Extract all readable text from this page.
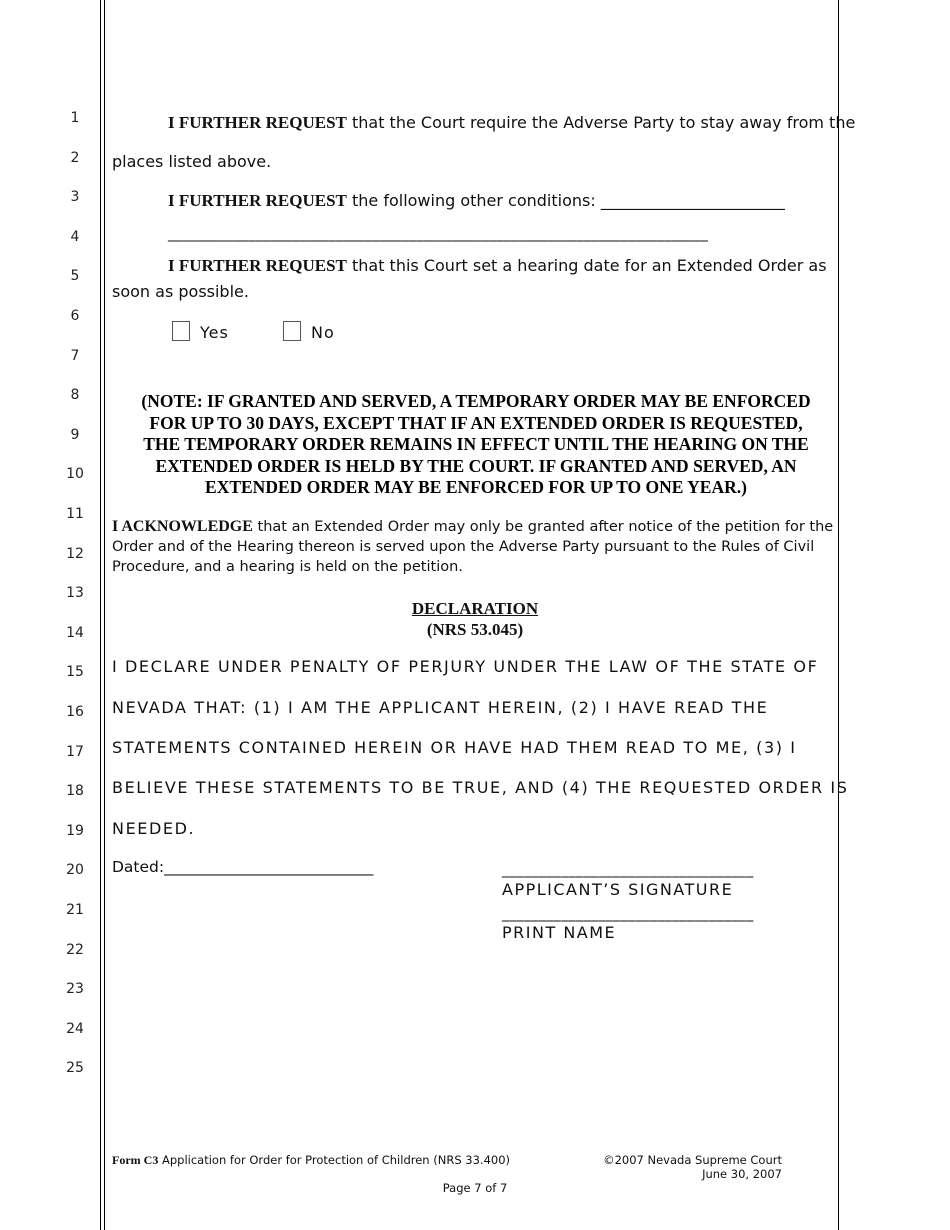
1
2
3
4
5
6
7
8
9
10
11
12
13
14
15
16
17
18
19
20
21
22
23
24
25
I FURTHER REQUEST that the Court require the Adverse Party to stay away from the
places listed above.
I FURTHER REQUEST the following other conditions: _______________________
__________________________________________________________________________
I FURTHER REQUEST that this Court set a hearing date for an Extended Order as
soon as possible.
Yes	No
(NOTE: IF GRANTED AND SERVED, A TEMPORARY ORDER MAY BE ENFORCED
FOR UP TO 30 DAYS, EXCEPT THAT IF AN EXTENDED ORDER IS REQUESTED,
THE TEMPORARY ORDER REMAINS IN EFFECT UNTIL THE HEARING ON THE
EXTENDED ORDER IS HELD BY THE COURT. IF GRANTED AND SERVED, AN
EXTENDED ORDER MAY BE ENFORCED FOR UP TO ONE YEAR.)
I ACKNOWLEDGE that an Extended Order may only be granted after notice of the petition for the
Order and of the Hearing thereon is served upon the Adverse Party pursuant to the Rules of Civil
Procedure, and a hearing is held on the petition.
DECLARATION
(NRS 53.045)
I DECLARE UNDER PENALTY OF PERJURY UNDER THE LAW OF THE STATE OF
NEVADA THAT: (1) I AM THE APPLICANT HEREIN, (2) I HAVE READ THE
STATEMENTS CONTAINED HEREIN OR HAVE HAD THEM READ TO ME, (3) I
BELIEVE THESE STATEMENTS TO BE TRUE, AND (4) THE REQUESTED ORDER IS
NEEDED.
Dated:___________________________	__________________________________
APPLICANT’S SIGNATURE
__________________________________
PRINT NAME
Form C3 Application for Order for Protection of Children (NRS 33.400)	©2007 Nevada Supreme Court
June 30, 2007
Page 7 of 7
